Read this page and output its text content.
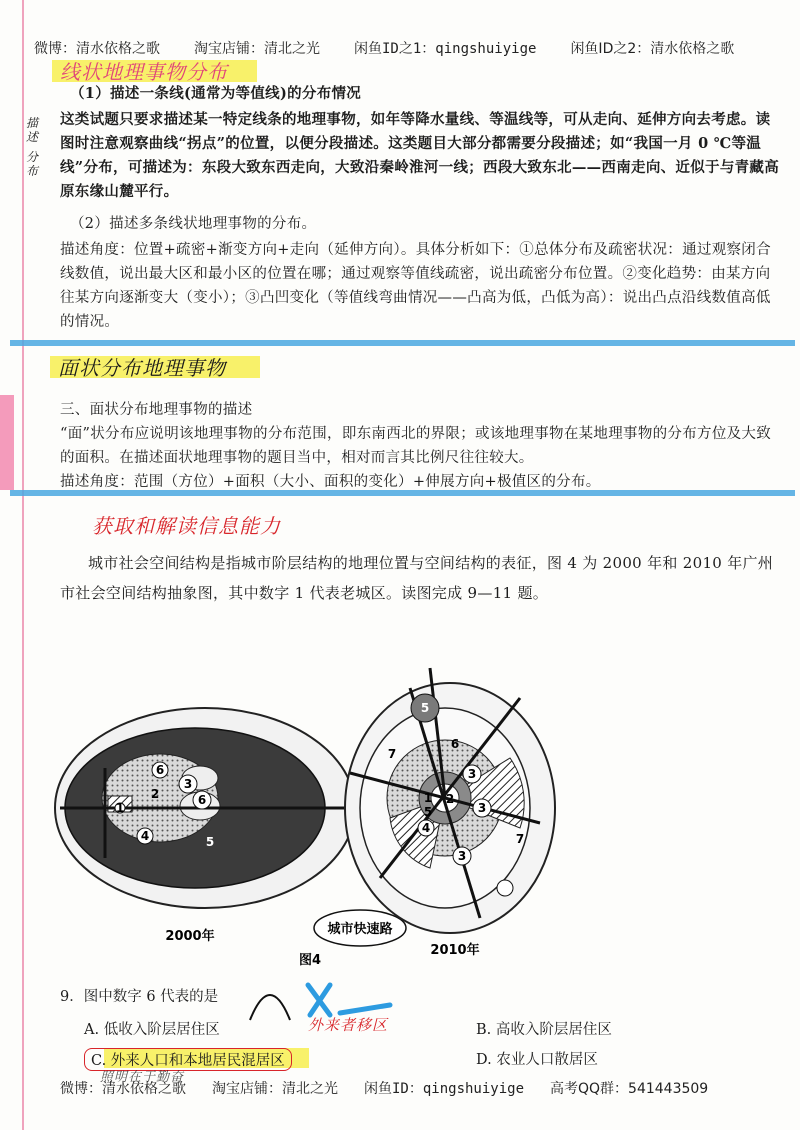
微博：清水依格之歌 淘宝店铺：清北之光 闲鱼ID之1：qingshuiyige 闲鱼ID之2：清水依格之歌
线状地理事物分布
描述
分布

（1）描述一条线(通常为等值线)的分布情况

这类试题只要求描述某一特定线条的地理事物，如年等降水量线、等温线等，可从走向、延伸方向去考虑。读图时注意观察曲线“拐点”的位置，以便分段描述。这类题目大部分都需要分段描述；如“我国一月 0 ℃等温线”分布，可描述为：东段大致东西走向，大致沿秦岭淮河一线；西段大致东北——西南走向、近似于与青藏高原东缘山麓平行。

（2）描述多条线状地理事物的分布。

描述角度：位置+疏密+渐变方向+走向（延伸方向）。具体分析如下：①总体分布及疏密状况：通过观察闭合线数值，说出最大区和最小区的位置在哪；通过观察等值线疏密，说出疏密分布位置。②变化趋势：由某方向往某方向逐渐变大（变小）；③凸凹变化（等值线弯曲情况——凸高为低，凸低为高）：说出凸点沿线数值高低的情况。

面状分布地理事物

三、面状分布地理事物的描述

“面”状分布应说明该地理事物的分布范围，即东南西北的界限；或该地理事物在某地理事物的分布方位及大致的面积。在描述面状地理事物的题目当中，相对而言其比例尺往往较大。

描述角度：范围（方位）+面积（大小、面积的变化）+伸展方向+极值区的分布。

获取和解读信息能力
城市社会空间结构是指城市阶层结构的地理位置与空间结构的表征，图 4 为 2000 年和 2010 年广州市社会空间结构抽象图，其中数字 1 代表老城区。读图完成 9—11 题。
1
2
3
4	5
6
6
2000年	城市快速路
图4
1 2
3
3
3
4
5
5
6
7
7
2010年
9．图中数字 6 代表的是
A. 低收入阶层居住区	外来者移区	B. 高收入阶层居住区
C. 外来人口和本地居民混居区	D. 农业人口散居区
照明在于勤奋
微博：清水依格之歌 淘宝店铺：清北之光 闲鱼ID：qingshuiyige 高考QQ群：541443509
